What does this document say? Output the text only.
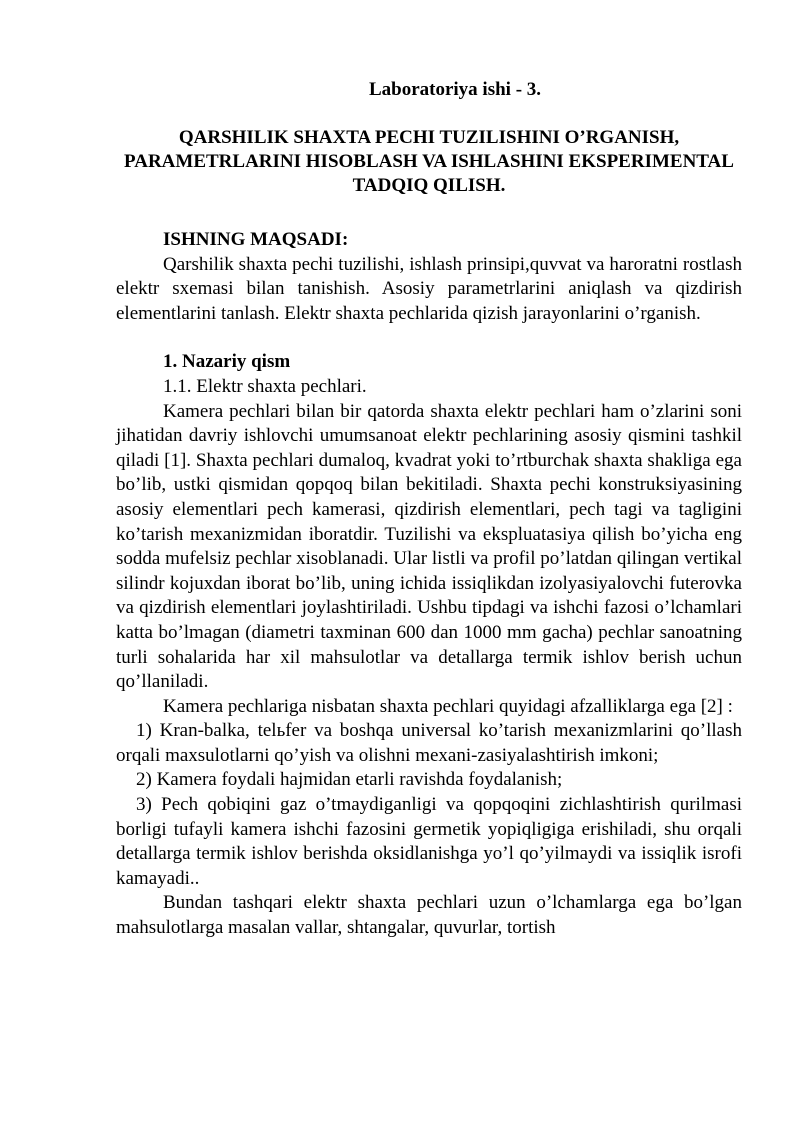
Laboratoriya ishi - 3.
QARSHILIK SHAXTA PECHI TUZILISHINI O’RGANISH, PARAMETRLARINI HISOBLASH VA ISHLASHINI EKSPERIMENTAL TADQIQ QILISH.

ISHNING MAQSADI:

Qarshilik shaxta pechi tuzilishi, ishlash prinsipi,quvvat va haroratni rostlash elektr sxemasi bilan tanishish. Asosiy parametrlarini aniqlash va qizdirish elementlarini tanlash. Elektr shaxta pechlarida qizish jarayonlarini o’rganish.

1. Nazariy qism

1.1. Elektr shaxta pechlari.

Kamera pechlari bilan bir qatorda shaxta elektr pechlari ham o’zlarini soni jihatidan davriy ishlovchi umumsanoat elektr pechlarining asosiy qismini tashkil qiladi [1]. Shaxta pechlari dumaloq, kvadrat yoki to’rtburchak shaxta shakliga ega bo’lib, ustki qismidan qopqoq bilan bekitiladi. Shaxta pechi konstruksiyasining asosiy elementlari pech kamerasi, qizdirish elementlari, pech tagi va tagligini ko’tarish mexanizmidan iboratdir. Tuzilishi va ekspluatasiya qilish bo’yicha eng sodda mufelsiz pechlar xisoblanadi. Ular listli va profil po’latdan qilingan vertikal silindr kojuxdan iborat bo’lib, uning ichida issiqlikdan izolyasiyalovchi futerovka va qizdirish elementlari joylashtiriladi. Ushbu tipdagi va ishchi fazosi o’lchamlari katta bo’lmagan (diametri taxminan 600 dan 1000 mm gacha) pechlar sanoatning turli sohalarida har xil mahsulotlar va detallarga termik ishlov berish uchun qo’llaniladi.

Kamera pechlariga nisbatan shaxta pechlari quyidagi afzalliklarga ega [2] :

1) Kran-balka, telьfer va boshqa universal ko’tarish mexanizmlarini qo’llash orqali maxsulotlarni qo’yish va olishni mexani-zasiyalashtirish imkoni;

2) Kamera foydali hajmidan etarli ravishda foydalanish;

3) Pech qobiqini gaz o’tmaydiganligi va qopqoqini zichlashtirish qurilmasi borligi tufayli kamera ishchi fazosini germetik yopiqligiga erishiladi, shu orqali detallarga termik ishlov berishda oksidlanishga yo’l qo’yilmaydi va issiqlik isrofi kamayadi..

Bundan tashqari elektr shaxta pechlari uzun o’lchamlarga ega bo’lgan mahsulotlarga masalan vallar, shtangalar, quvurlar, tortish
